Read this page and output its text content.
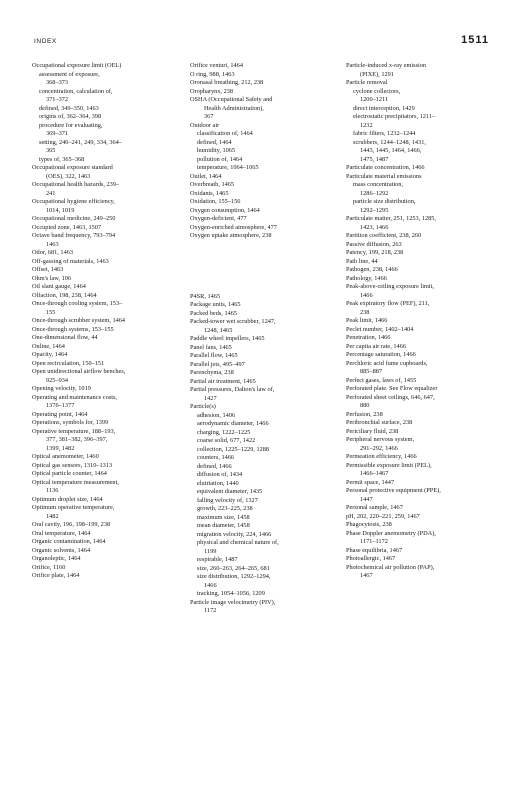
INDEX	1511
Occupational exposure limit (OEL)
assessment of exposure,
368–373
concentration, calculation of,
371–372
defined, 349–350, 1463
origins of, 362–364, 398
procedure for evaluating,
369–371
setting, 240–241, 249, 334, 364–
365
types of, 365–368
Occupational exposure standard
(OES), 322, 1463
Occupational health hazards, 239–
241
Occupational hygiene efficiency,
1014, 1019
Occupational medicine, 249–250
Occupied zone, 1463, 1507
Octave band frequency, 793–794
1463
Odor, 681, 1463
Off-gassing of materials, 1463
Offset, 1463
Ohm's law, 106
Oil slant gauge, 1464
Olfaction, 198, 238, 1464
Once-through cooling system, 153–
155
Once-through scrubber system, 1464
Once-through systems, 153–155
One-dimensional flow, 44
Online, 1464
Opacity, 1464
Open recirculation, 150–151
Open unidirectional airflow benches,
925–934
Opening velocity, 1019
Operating and maintenance costs,
1376–1377
Operating point, 1464
Operations, symbols for, 1399
Operative temperature, 188–193,
377, 381–382, 396–397,
1399, 1482
Optical anemometer, 1460
Optical gas sensors, 1310–1313
Optical particle counter, 1464
Optical temperature measurement,
1136
Optimum droplet size, 1464
Optimum operative temperature,
1482
Oral cavity, 196, 198–199, 238
Oral temperature, 1464
Organic contamination, 1464
Organic solvents, 1464
Organoleptic, 1464
Orifice, 1160
Orifice plate, 1464
Orifice venturi, 1464
O ring, 988, 1463
Oronasal breathing, 212, 238
Oropharynx, 238
OSHA (Occupational Safety and
Health Administration),
367
Outdoor air
classification of, 1464
defined, 1464
humidity, 1065
pollution of, 1464
temperature, 1064–1065
Outlet, 1464
Overbreath, 1465
Oxidants, 1465
Oxidation, 155–156
Oxygen consumption, 1464
Oxygen-deficient, 477
Oxygen-enriched atmosphere, 477
Oxygen uptake atmosphere, 238
P4SR, 1465
Package units, 1465
Packed beds, 1465
Packed-tower wet scrubber, 1247,
1248, 1465
Paddle wheel impellers, 1465
Panel fans, 1465
Parallel flow, 1465
Parallel jets, 495–497
Parenchyma, 238
Partial air treatment, 1465
Partial pressures, Dalton's law of,
1427
Particle(s)
adhesion, 1406
aerodynamic diameter, 1466
charging, 1222–1225
coarse solid, 677, 1422
collection, 1225–1229, 1288
counters, 1466
defined, 1466
diffusion of, 1434
elutriation, 1440
equivalent diameter, 1435
falling velocity of, 1327
growth, 223–225, 238
maximum size, 1458
mean diameter, 1458
migration velocity, 224, 1466
physical and chemical nature of,
1199
respirable, 1487
size, 260–263, 264–265, 681
size distribution, 1292–1294,
1466
tracking, 1054–1056, 1209
Particle image velocimetry (PIV),
1172
Particle-induced x-ray emission
(PIXE), 1291
Particle removal
cyclone collectors,
1200–1211
direct interception, 1429
electrostatic precipitators, 1211–
1232
fabric filters, 1232–1244
scrubbers, 1244–1248, 1431,
1443, 1445, 1464, 1466,
1475, 1487
Particulate concentration, 1466
Particulate material emissions
mass concentration,
1286–1292
particle size distribution,
1292–1295
Particulate matter, 251, 1253, 1285,
1423, 1466
Partition coefficient, 238, 260
Passive diffusion, 263
Patency, 199, 218, 238
Path line, 44
Pathogen, 238, 1466
Pathology, 1466
Peak-above-ceiling exposure limit,
1466
Peak expiratory flow (PEF), 211,
238
Peak limit, 1466
Peclet number, 1402–1404
Penetration, 1466
Per capita air rate, 1466
Percentage saturation, 1466
Perchloric acid fume cupboards,
885–887
Perfect gases, laws of, 1455
Perforated plate. See Flow equalizer
Perforated sheet ceilings, 646, 647,
880
Perfusion, 238
Peribronchial surface, 238
Periciliary fluid, 238
Peripheral nervous system,
291–292, 1466
Permeation efficiency, 1466
Permissible exposure limit (PEL),
1466–1467
Permit space, 1447
Personal protective equipment (PPE),
1447
Personal sample, 1467
pH, 202, 220–221, 259, 1467
Phagocytosis, 238
Phase Doppler anemometry (PDA),
1171–1172
Phase equilibria, 1467
Photoallergic, 1467
Photochemical air pollution (PAP),
1467
